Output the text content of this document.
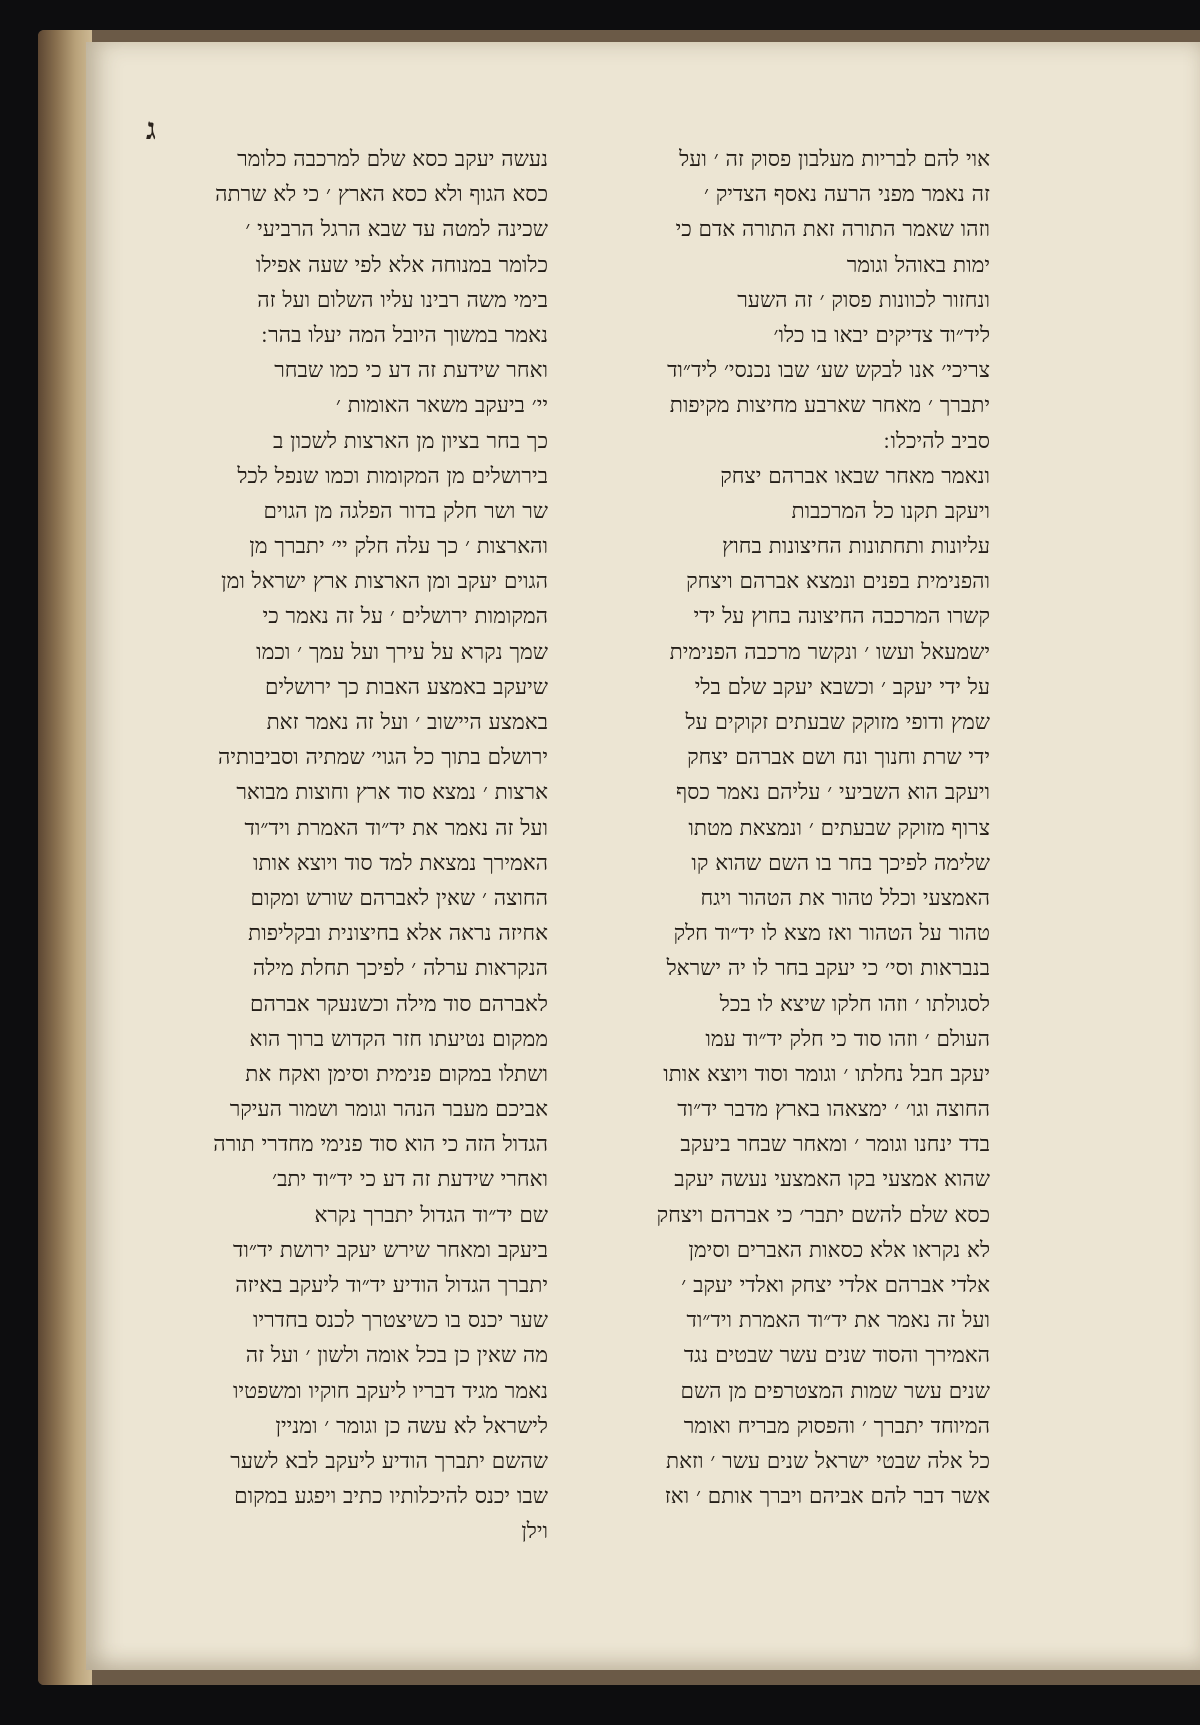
ג
אוי להם לבריות מעלבון פסוק זה ׳ ועל
זה נאמר מפני הרעה נאסף הצדיק ׳
וזהו שאמר התורה זאת התורה אדם כי
ימות באוהל וגומר
ונחזור לכוונות פסוק ׳ זה השער
ליד״וד צדיקים יבאו בו כלו׳
צריכי׳ אנו לבקש שע׳ שבו נכנסי׳ ליד״וד
יתברך ׳ מאחר שארבע מחיצות מקיפות
סביב להיכלו ׃
ונאמר מאחר שבאו אברהם יצחק
ויעקב תקנו כל המרכבות
עליונות ותחתונות החיצונות בחוץ
והפנימית בפנים ונמצא אברהם ויצחק
קשרו המרכבה החיצונה בחוץ על ידי
ישמעאל ועשו ׳ ונקשר מרכבה הפנימית
על ידי יעקב ׳ וכשבא יעקב שלם בלי
שמץ ודופי מזוקק שבעתים זקוקים על
ידי שרת וחנוך ונח ושם אברהם יצחק
ויעקב הוא השביעי ׳ עליהם נאמר כסף
צרוף מזוקק שבעתים ׳ ונמצאת מטתו
שלימה לפיכך בחר בו השם שהוא קו
האמצעי וכלל טהור את הטהור ויגח
טהור על הטהור ואז מצא לו יד״וד חלק
בנבראות וסי׳ כי יעקב בחר לו יה ישראל
לסגולתו ׳ וזהו חלקו שיצא לו בכל
העולם ׳ וזהו סוד כי חלק יד״וד עמו
יעקב חבל נחלתו ׳ וגומר וסוד ויוצא אותו
החוצה וגו׳ ׳ ימצאהו בארץ מדבר יד״וד
בדד ינחנו וגומר ׳ ומאחר שבחר ביעקב
שהוא אמצעי בקו האמצעי נעשה יעקב
כסא שלם להשם יתבר׳ כי אברהם ויצחק
לא נקראו אלא כסאות האברים וסימן
אלדי אברהם אלדי יצחק ואלדי יעקב ׳
ועל זה נאמר את יד״וד האמרת ויד״וד
האמירך והסוד שנים עשר שבטים נגד
שנים עשר שמות המצטרפים מן השם
המיוחד יתברך ׳ והפסוק מבריח ואומר
כל אלה שבטי ישראל שנים עשר ׳ וזאת
אשר דבר להם אביהם ויברך אותם ׳ ואז
נעשה יעקב כסא שלם למרכבה כלומר
כסא הגוף ולא כסא הארץ ׳ כי לא שרתה
שכינה למטה עד שבא הרגל הרביעי ׳
כלומר במנוחה אלא לפי שעה אפילו
בימי משה רבינו עליו השלום ועל זה
נאמר במשוך היובל המה יעלו בהר ׃
ואחר שידעת זה דע כי כמו שבחר
יי׳ ביעקב משאר האומות ׳
כך בחר בציון מן הארצות לשכון ב
בירושלים מן המקומות וכמו שנפל לכל
שר ושר חלק בדור הפלגה מן הגוים
והארצות ׳ כך עלה חלק יי׳ יתברך מן
הגוים יעקב ומן הארצות ארץ ישראל ומן
המקומות ירושלים ׳ על זה נאמר כי
שמך נקרא על עירך ועל עמך ׳ וכמו
שיעקב באמצע האבות כך ירושלים
באמצע היישוב ׳ ועל זה נאמר זאת
ירושלם בתוך כל הגוי׳ שמתיה וסביבותיה
ארצות ׳ נמצא סוד ארץ וחוצות מבואר
ועל זה נאמר את יד״וד האמרת ויד״וד
האמירך נמצאת למד סוד ויוצא אותו
החוצה ׳ שאין לאברהם שורש ומקום
אחיזה נראה אלא בחיצונית ובקליפות
הנקראות ערלה ׳ לפיכך תחלת מילה
לאברהם סוד מילה וכשנעקר אברהם
ממקום נטיעתו חזר הקדוש ברוך הוא
ושתלו במקום פנימית וסימן ואקח את
אביכם מעבר הנהר וגומר ושמור העיקר
הגדול הזה כי הוא סוד פנימי מחדרי תורה
ואחרי שידעת זה דע כי יד״וד יתב׳
שם יד״וד הגדול יתברך נקרא
ביעקב ומאחר שירש יעקב ירושת יד״וד
יתברך הגדול הודיע יד״וד ליעקב באיזה
שער יכנס בו כשיצטרך לכנס בחדריו
מה שאין כן בכל אומה ולשון ׳ ועל זה
נאמר מגיד דבריו ליעקב חוקיו ומשפטיו
לישראל לא עשה כן וגומר ׳ ומניין
שהשם יתברך הודיע ליעקב לבא לשער
שבו יכנס להיכלותיו כתיב ויפגע במקום
וילן
